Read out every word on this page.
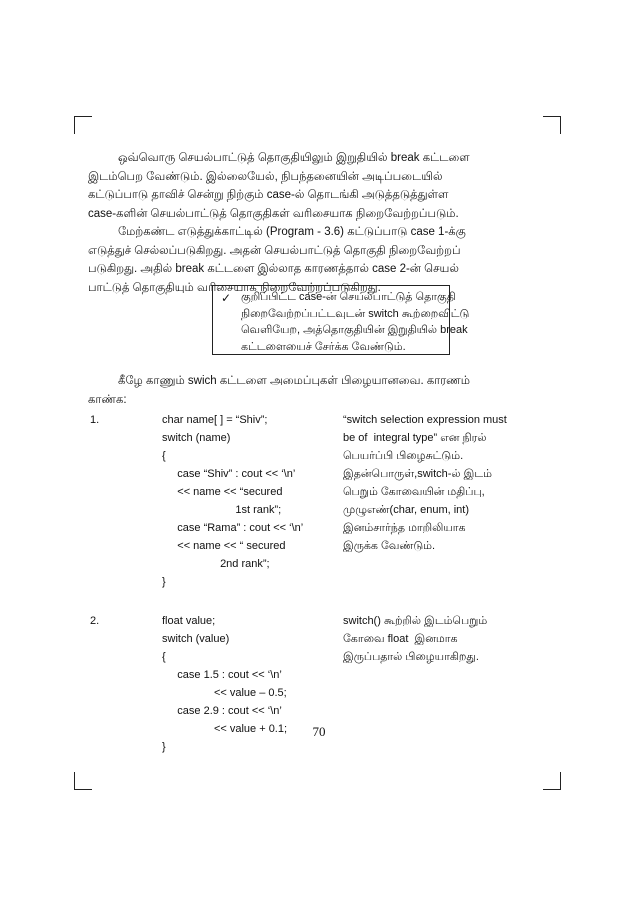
ஒவ்வொரு செயல்பாட்டுத் தொகுதியிலும் இறுதியில் break கட்டளை
இடம்பெற வேண்டும். இல்லையேல், நிபந்தனையின் அடிப்படையில்
கட்டுப்பாடு தாவிச் சென்று நிற்கும் case-ல் தொடங்கி அடுத்தடுத்துள்ள
case-களின் செயல்பாட்டுத் தொகுதிகள் வரிசையாக நிறைவேற்றப்படும்.
மேற்கண்ட எடுத்துக்காட்டில் (Program - 3.6) கட்டுப்பாடு case 1-க்கு
எடுத்துச் செல்லப்படுகிறது. அதன் செயல்பாட்டுத் தொகுதி நிறைவேற்றப்
படுகிறது. அதில் break கட்டளை இல்லாத காரணத்தால் case 2-ன் செயல்
பாட்டுத் தொகுதியும் வரிசையாக நிறைவேற்றப்படுகிறது.
✓ குறிப்பிட்ட case-ன் செயல்பாட்டுத் தொகுதி
நிறைவேற்றப்பட்டவுடன் switch கூற்றைவிட்டு
வெளியேற, அத்தொகுதியின் இறுதியில் break
கட்டளையைச் சேர்க்க வேண்டும்.
கீழே காணும் swich கட்டளை அமைப்புகள் பிழையானவை. காரணம்
காண்க:
1.	char name[ ] = “Shiv”;
switch (name)
{
case “Shiv” : cout << ‘\n’
<< name << “secured
1st rank”;
case “Rama” : cout << ‘\n’
<< name << “ secured
2nd rank”;
}
“switch selection expression must
be of  integral type” என நிரல்
பெயர்ப்பி பிழைசுட்டும்.
இதன்பொருள்,switch-ல் இடம்
பெறும் கோவையின் மதிப்பு,
முழுஎண்(char, enum, int)
இனம்சார்ந்த மாறிலியாக
இருக்க வேண்டும்.
2.	float value;
switch (value)
{
case 1.5 : cout << ‘\n’
<< value – 0.5;
case 2.9 : cout << ‘\n’
<< value + 0.1;
}
switch() கூற்றில் இடம்பெறும்
கோவை float  இனமாக
இருப்பதால் பிழையாகிறது.
70
